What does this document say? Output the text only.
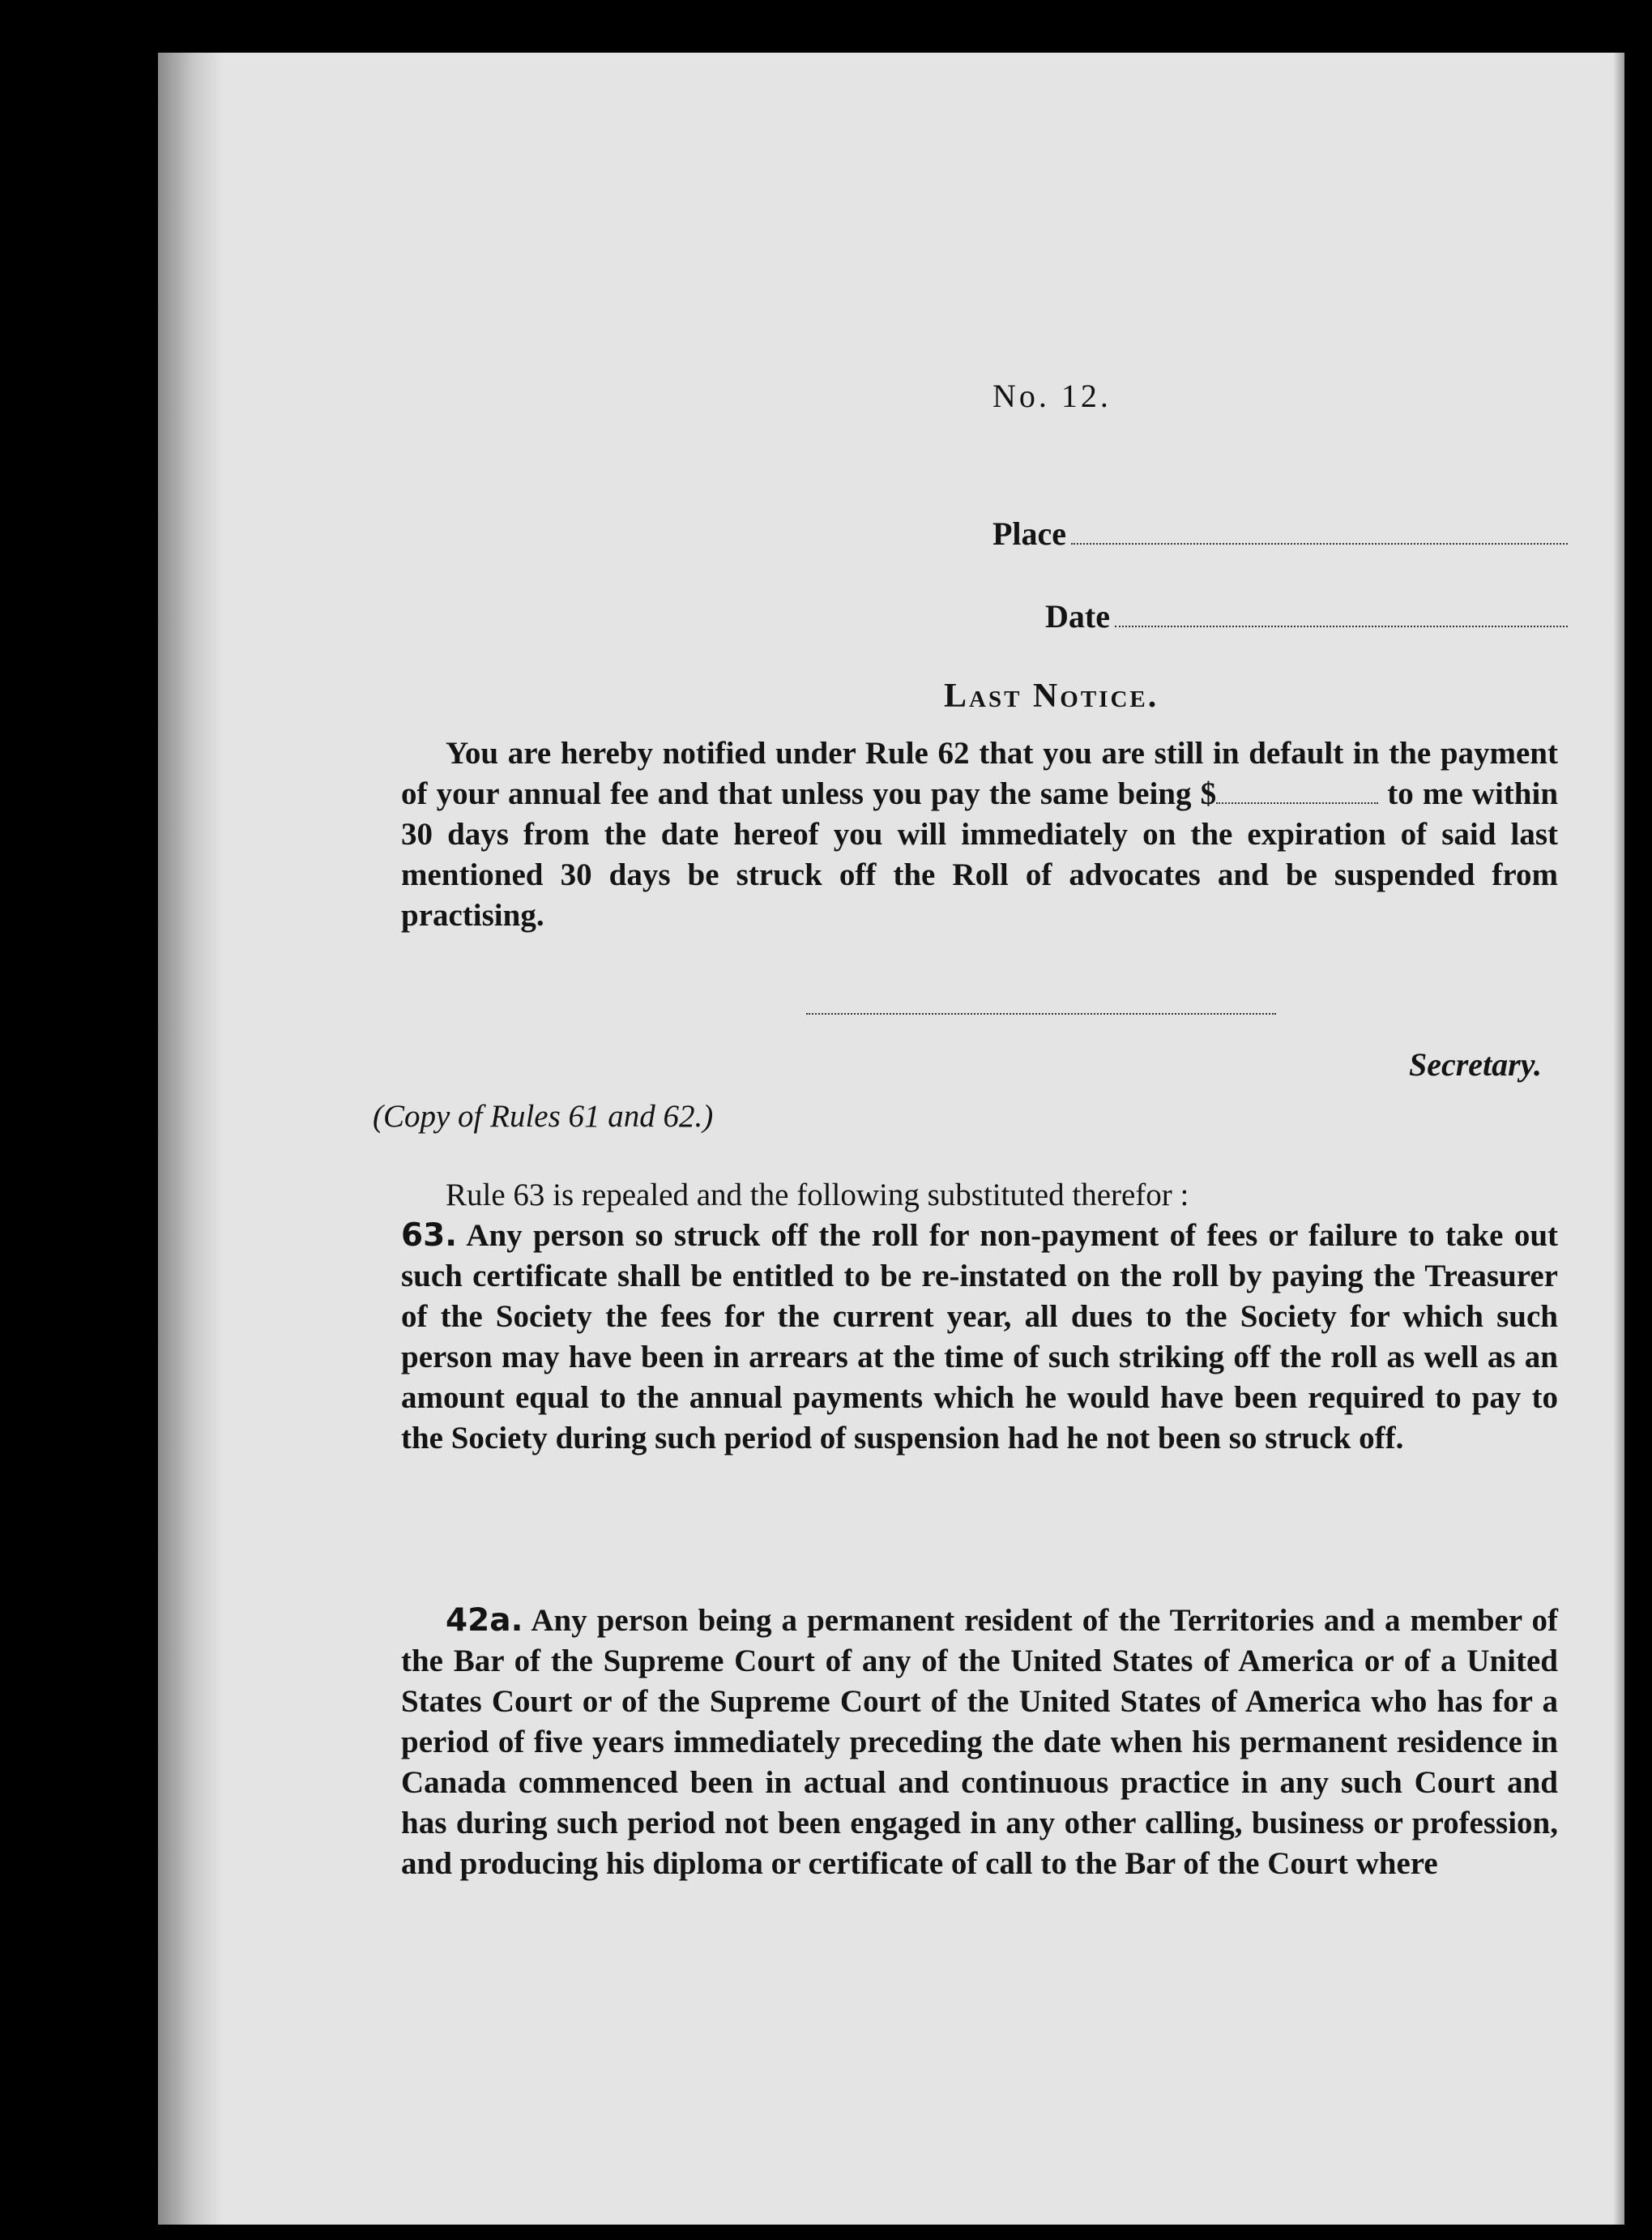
No. 12.
Place
Date
Last Notice.
You are hereby notified under Rule 62 that you are still in default in the payment of your annual fee and that unless you pay the same being $	to me within 30 days from the date hereof you will immediately on the expiration of said last mentioned 30 days be struck off the Roll of advocates and be suspended from practising.
Secretary.
(Copy of Rules 61 and 62.)
Rule 63 is repealed and the following substituted therefor :
63. Any person so struck off the roll for non-payment of fees or failure to take out such certificate shall be entitled to be re-instated on the roll by paying the Treasurer of the Society the fees for the current year, all dues to the Society for which such person may have been in arrears at the time of such striking off the roll as well as an amount equal to the annual payments which he would have been required to pay to the Society during such period of suspension had he not been so struck off.
42a. Any person being a permanent resident of the Territories and a member of the Bar of the Supreme Court of any of the United States of America or of a United States Court or of the Supreme Court of the United States of America who has for a period of five years immediately preceding the date when his permanent residence in Canada commenced been in actual and continuous practice in any such Court and has during such period not been engaged in any other calling, business or profession, and producing his diploma or certificate of call to the Bar of the Court where
